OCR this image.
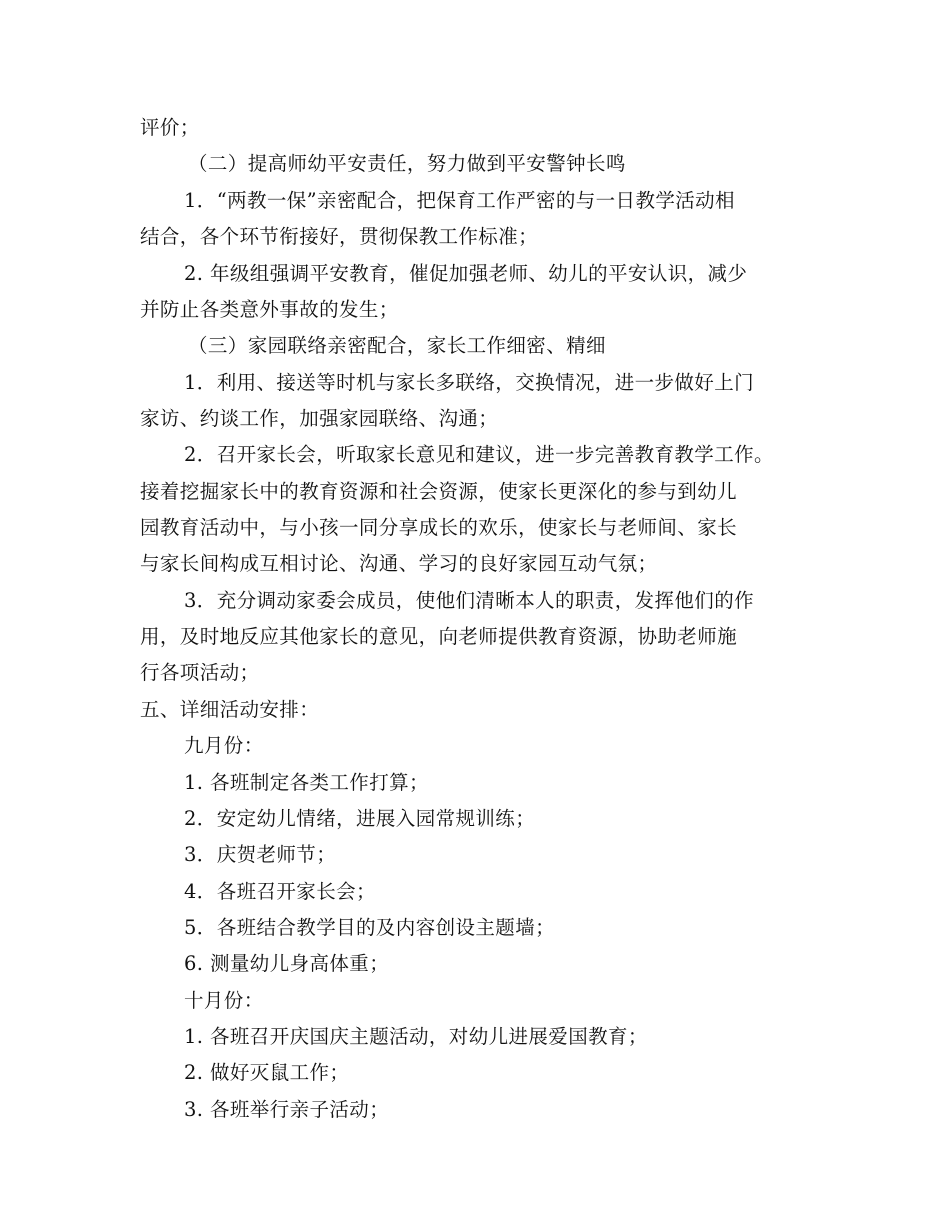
评价；
（二）提高师幼平安责任，努力做到平安警钟长鸣
1．“两教一保”亲密配合，把保育工作严密的与一日教学活动相
结合，各个环节衔接好，贯彻保教工作标准；
2. 年级组强调平安教育，催促加强老师、幼儿的平安认识，减少
并防止各类意外事故的发生；
（三）家园联络亲密配合，家长工作细密、精细
1．利用、接送等时机与家长多联络，交换情况，进一步做好上门
家访、约谈工作，加强家园联络、沟通；
2．召开家长会，听取家长意见和建议，进一步完善教育教学工作。
接着挖掘家长中的教育资源和社会资源，使家长更深化的参与到幼儿
园教育活动中，与小孩一同分享成长的欢乐，使家长与老师间、家长
与家长间构成互相讨论、沟通、学习的良好家园互动气氛；
3．充分调动家委会成员，使他们清晰本人的职责，发挥他们的作
用，及时地反应其他家长的意见，向老师提供教育资源，协助老师施
行各项活动；
五、详细活动安排：
九月份：
1. 各班制定各类工作打算；
2．安定幼儿情绪，进展入园常规训练；
3．庆贺老师节；
4．各班召开家长会；
5．各班结合教学目的及内容创设主题墙；
6. 测量幼儿身高体重；
十月份：
1. 各班召开庆国庆主题活动，对幼儿进展爱国教育；
2. 做好灭鼠工作；
3. 各班举行亲子活动；
